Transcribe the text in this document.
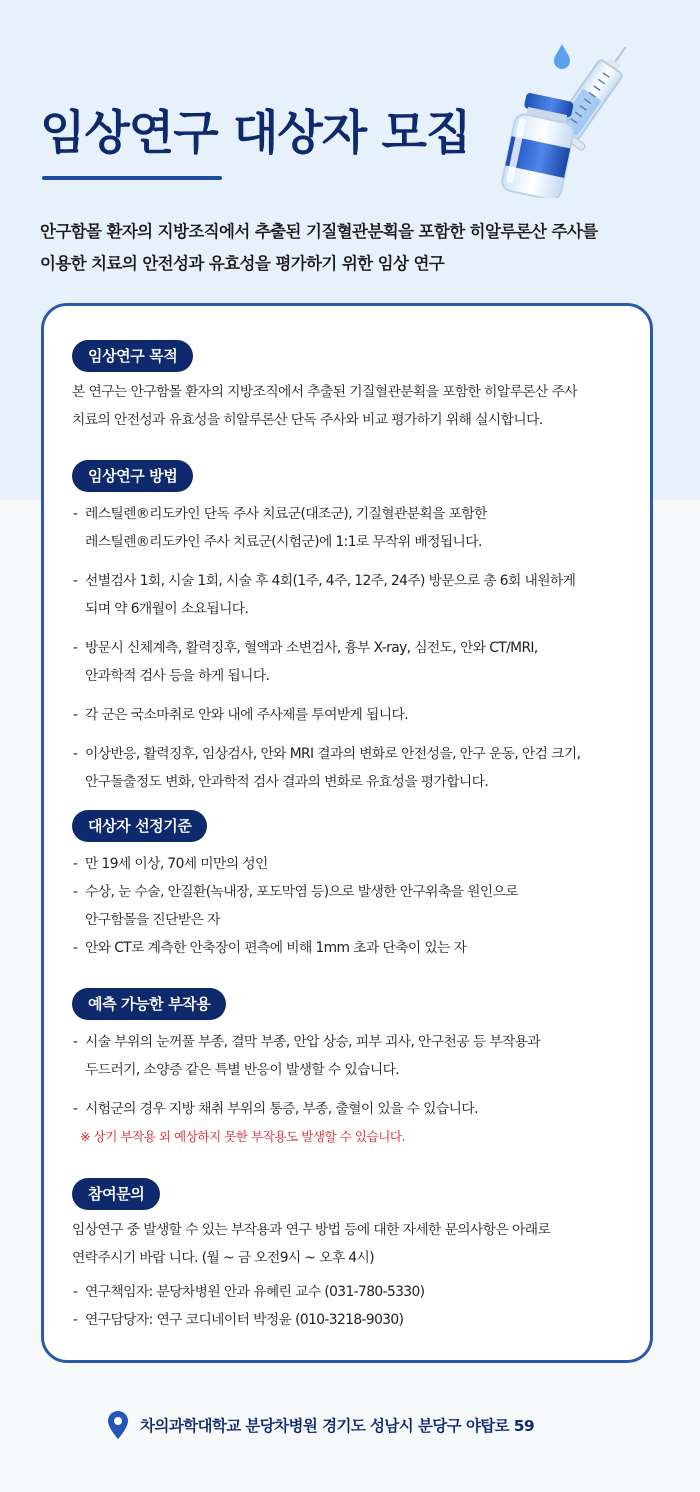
임상연구 대상자 모집
안구함몰 환자의 지방조직에서 추출된 기질혈관분획을 포함한 히알루론산 주사를
이용한 치료의 안전성과 유효성을 평가하기 위한 임상 연구
임상연구 목적

본 연구는 안구함몰 환자의 지방조직에서 추출된 기질혈관분획을 포함한 히알루론산 주사

치료의 안전성과 유효성을 히알루론산 단독 주사와 비교 평가하기 위해 실시합니다.

임상연구 방법
- 레스틸렌®리도카인 단독 주사 치료군(대조군), 기질혈관분획을 포함한
레스틸렌®리도카인 주사 치료군(시험군)에 1:1로 무작위 배정됩니다.
- 선별검사 1회, 시술 1회, 시술 후 4회(1주, 4주, 12주, 24주) 방문으로 총 6회 내원하게
되며 약 6개월이 소요됩니다.
- 방문시 신체계측, 활력징후, 혈액과 소변검사, 흉부 X-ray, 심전도, 안와 CT/MRI,
안과학적 검사 등을 하게 됩니다.
- 각 군은 국소마취로 안와 내에 주사제를 투여받게 됩니다.
- 이상반응, 활력징후, 임상검사, 안와 MRI 결과의 변화로 안전성을, 안구 운동, 안검 크기,
안구돌출정도 변화, 안과학적 검사 결과의 변화로 유효성을 평가합니다.
대상자 선정기준
- 만 19세 이상, 70세 미만의 성인
- 수상, 눈 수술, 안질환(녹내장, 포도막염 등)으로 발생한 안구위축을 원인으로
안구함몰을 진단받은 자
- 안와 CT로 계측한 안축장이 편측에 비해 1mm 초과 단축이 있는 자
예측 가능한 부작용
- 시술 부위의 눈꺼풀 부종, 결막 부종, 안압 상승, 피부 괴사, 안구천공 등 부작용과
두드러기, 소양증 같은 특별 반응이 발생할 수 있습니다.
- 시험군의 경우 지방 채취 부위의 통증, 부종, 출혈이 있을 수 있습니다.

※ 상기 부작용 외 예상하지 못한 부작용도 발생할 수 있습니다.

참여문의

임상연구 중 발생할 수 있는 부작용과 연구 방법 등에 대한 자세한 문의사항은 아래로

연락주시기 바랍 니다. (월 ~ 금 오전9시 ~ 오후 4시)

- 연구책임자: 분당차병원 안과 유혜린 교수 (031-780-5330)
- 연구담당자: 연구 코디네이터 박정윤 (010-3218-9030)
차의과학대학교 분당차병원 경기도 성남시 분당구 야탑로 59
